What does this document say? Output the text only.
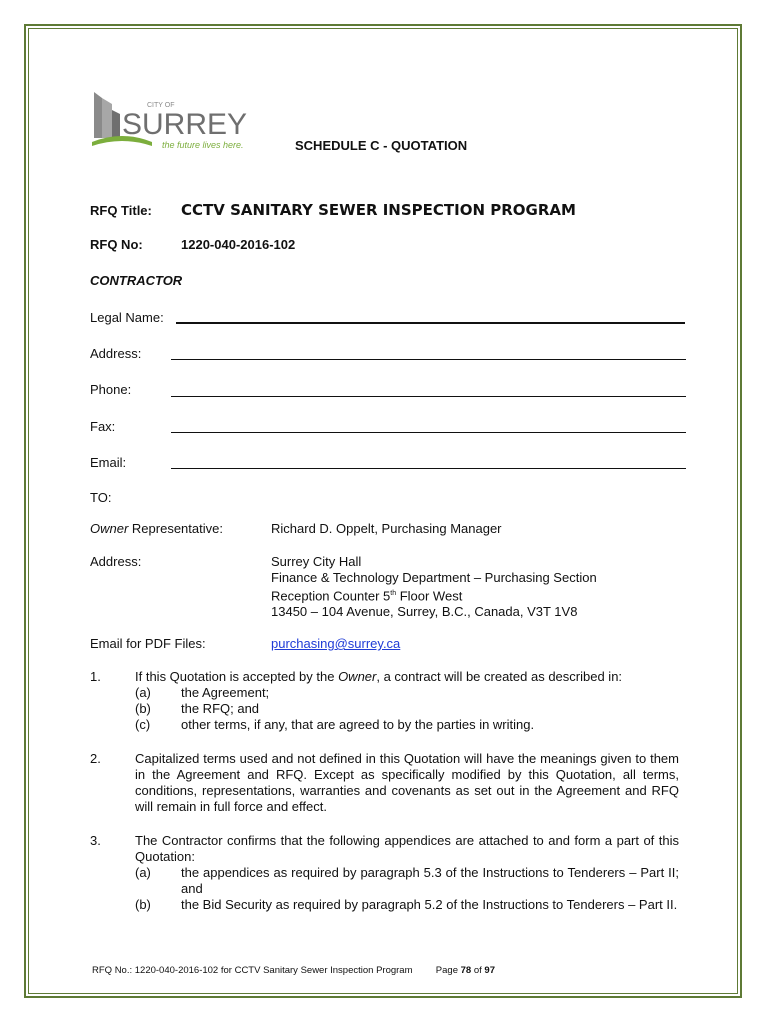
CITY OF
SURREY
the future lives here.	SCHEDULE C - QUOTATION
RFQ Title: CCTV SANITARY SEWER INSPECTION PROGRAM
RFQ No:	1220-040-2016-102
CONTRACTOR
Legal Name:
Address:
Phone:
Fax:
Email:
TO:
Owner Representative:	Richard D. Oppelt, Purchasing Manager
Address:	Surrey City Hall
Finance & Technology Department – Purchasing Section
Reception Counter 5th Floor West
13450 – 104 Avenue, Surrey, B.C., Canada, V3T 1V8
Email for PDF Files:	purchasing@surrey.ca
1.	If this Quotation is accepted by the Owner, a contract will be created as described in:
(a) the Agreement;
(b) the RFQ; and
(c) other terms, if any, that are agreed to by the parties in writing.
2.	Capitalized terms used and not defined in this Quotation will have the meanings given to them in the Agreement and RFQ. Except as specifically modified by this Quotation, all terms, conditions, representations, warranties and covenants as set out in the Agreement and RFQ will remain in full force and effect.
3.	The Contractor confirms that the following appendices are attached to and form a part of this Quotation:
(a)	the appendices as required by paragraph 5.3 of the Instructions to Tenderers – Part II; and
(b)	the Bid Security as required by paragraph 5.2 of the Instructions to Tenderers – Part II.
RFQ No.: 1220-040-2016-102 for CCTV Sanitary Sewer Inspection Program Page 78 of 97
